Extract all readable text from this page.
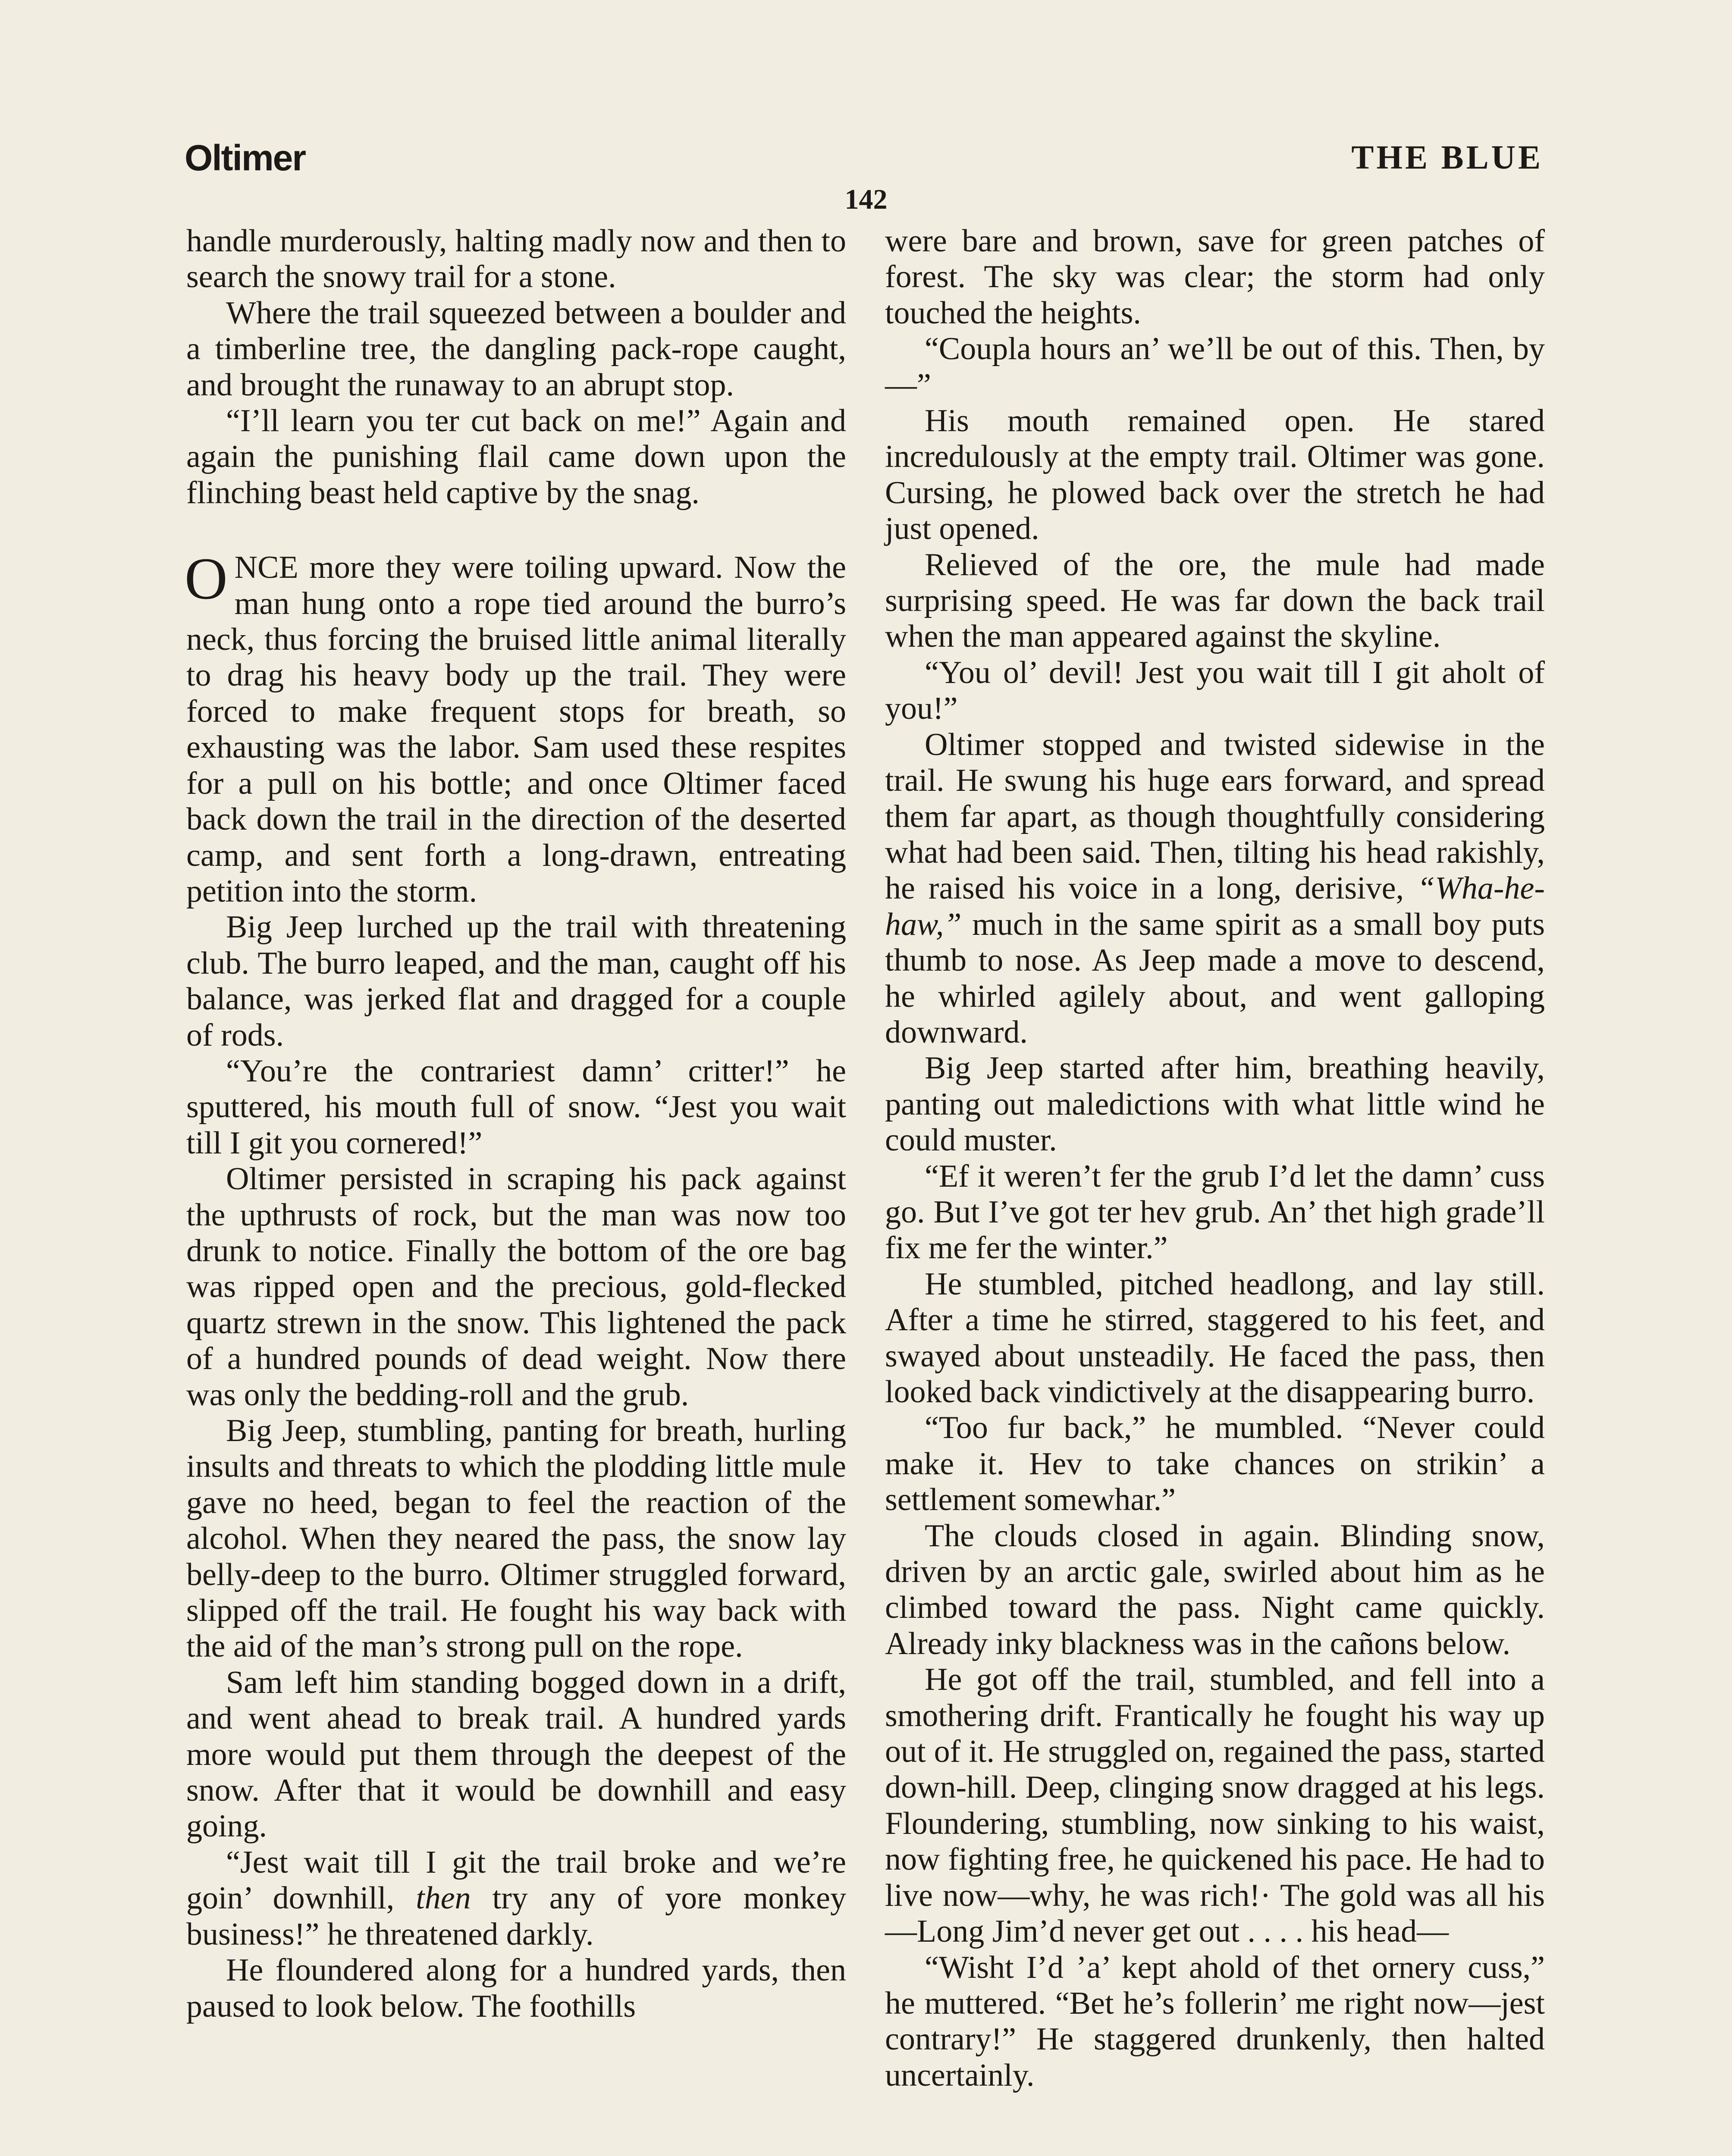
Oltimer	THE BLUE
142

handle murderously, halting madly now and then to search the snowy trail for a stone.

Where the trail squeezed between a boulder and a timberline tree, the dangling pack-rope caught, and brought the runaway to an abrupt stop.

“I’ll learn you ter cut back on me!” Again and again the punishing flail came down upon the flinching beast held captive by the snag.

ONCE more they were toiling upward. Now the man hung onto a rope tied around the burro’s neck, thus forcing the bruised little animal literally to drag his heavy body up the trail. They were forced to make frequent stops for breath, so exhausting was the labor. Sam used these respites for a pull on his bottle; and once Oltimer faced back down the trail in the direction of the deserted camp, and sent forth a long-drawn, entreating petition into the storm.

Big Jeep lurched up the trail with threatening club. The burro leaped, and the man, caught off his balance, was jerked flat and dragged for a couple of rods.

“You’re the contrariest damn’ critter!” he sputtered, his mouth full of snow. “Jest you wait till I git you cornered!”

Oltimer persisted in scraping his pack against the upthrusts of rock, but the man was now too drunk to notice. Finally the bottom of the ore bag was ripped open and the precious, gold-flecked quartz strewn in the snow. This lightened the pack of a hundred pounds of dead weight. Now there was only the bedding-roll and the grub.

Big Jeep, stumbling, panting for breath, hurling insults and threats to which the plodding little mule gave no heed, began to feel the reaction of the alcohol. When they neared the pass, the snow lay belly-deep to the burro. Oltimer struggled forward, slipped off the trail. He fought his way back with the aid of the man’s strong pull on the rope.

Sam left him standing bogged down in a drift, and went ahead to break trail. A hundred yards more would put them through the deepest of the snow. After that it would be downhill and easy going.

“Jest wait till I git the trail broke and we’re goin’ downhill, then try any of yore monkey business!” he threatened darkly.

He floundered along for a hundred yards, then paused to look below. The foothills

were bare and brown, save for green patches of forest. The sky was clear; the storm had only touched the heights.

“Coupla hours an’ we’ll be out of this. Then, by—”

His mouth remained open. He stared incredulously at the empty trail. Oltimer was gone. Cursing, he plowed back over the stretch he had just opened.

Relieved of the ore, the mule had made surprising speed. He was far down the back trail when the man appeared against the skyline.

“You ol’ devil! Jest you wait till I git aholt of you!”

Oltimer stopped and twisted sidewise in the trail. He swung his huge ears forward, and spread them far apart, as though thoughtfully considering what had been said. Then, tilting his head rakishly, he raised his voice in a long, derisive, “Wha-he-haw,” much in the same spirit as a small boy puts thumb to nose. As Jeep made a move to descend, he whirled agilely about, and went galloping downward.

Big Jeep started after him, breathing heavily, panting out maledictions with what little wind he could muster.

“Ef it weren’t fer the grub I’d let the damn’ cuss go. But I’ve got ter hev grub. An’ thet high grade’ll fix me fer the winter.”

He stumbled, pitched headlong, and lay still. After a time he stirred, staggered to his feet, and swayed about unsteadily. He faced the pass, then looked back vindictively at the disappearing burro.

“Too fur back,” he mumbled. “Never could make it. Hev to take chances on strikin’ a settlement somewhar.”

The clouds closed in again. Blinding snow, driven by an arctic gale, swirled about him as he climbed toward the pass. Night came quickly. Already inky blackness was in the cañons below.

He got off the trail, stumbled, and fell into a smothering drift. Frantically he fought his way up out of it. He struggled on, regained the pass, started down-hill. Deep, clinging snow dragged at his legs. Floundering, stumbling, now sinking to his waist, now fighting free, he quickened his pace. He had to live now—why, he was rich!· The gold was all his—Long Jim’d never get out . . . . his head—

“Wisht I’d ’a’ kept ahold of thet ornery cuss,” he muttered. “Bet he’s follerin’ me right now—jest contrary!” He staggered drunkenly, then halted uncertainly.
